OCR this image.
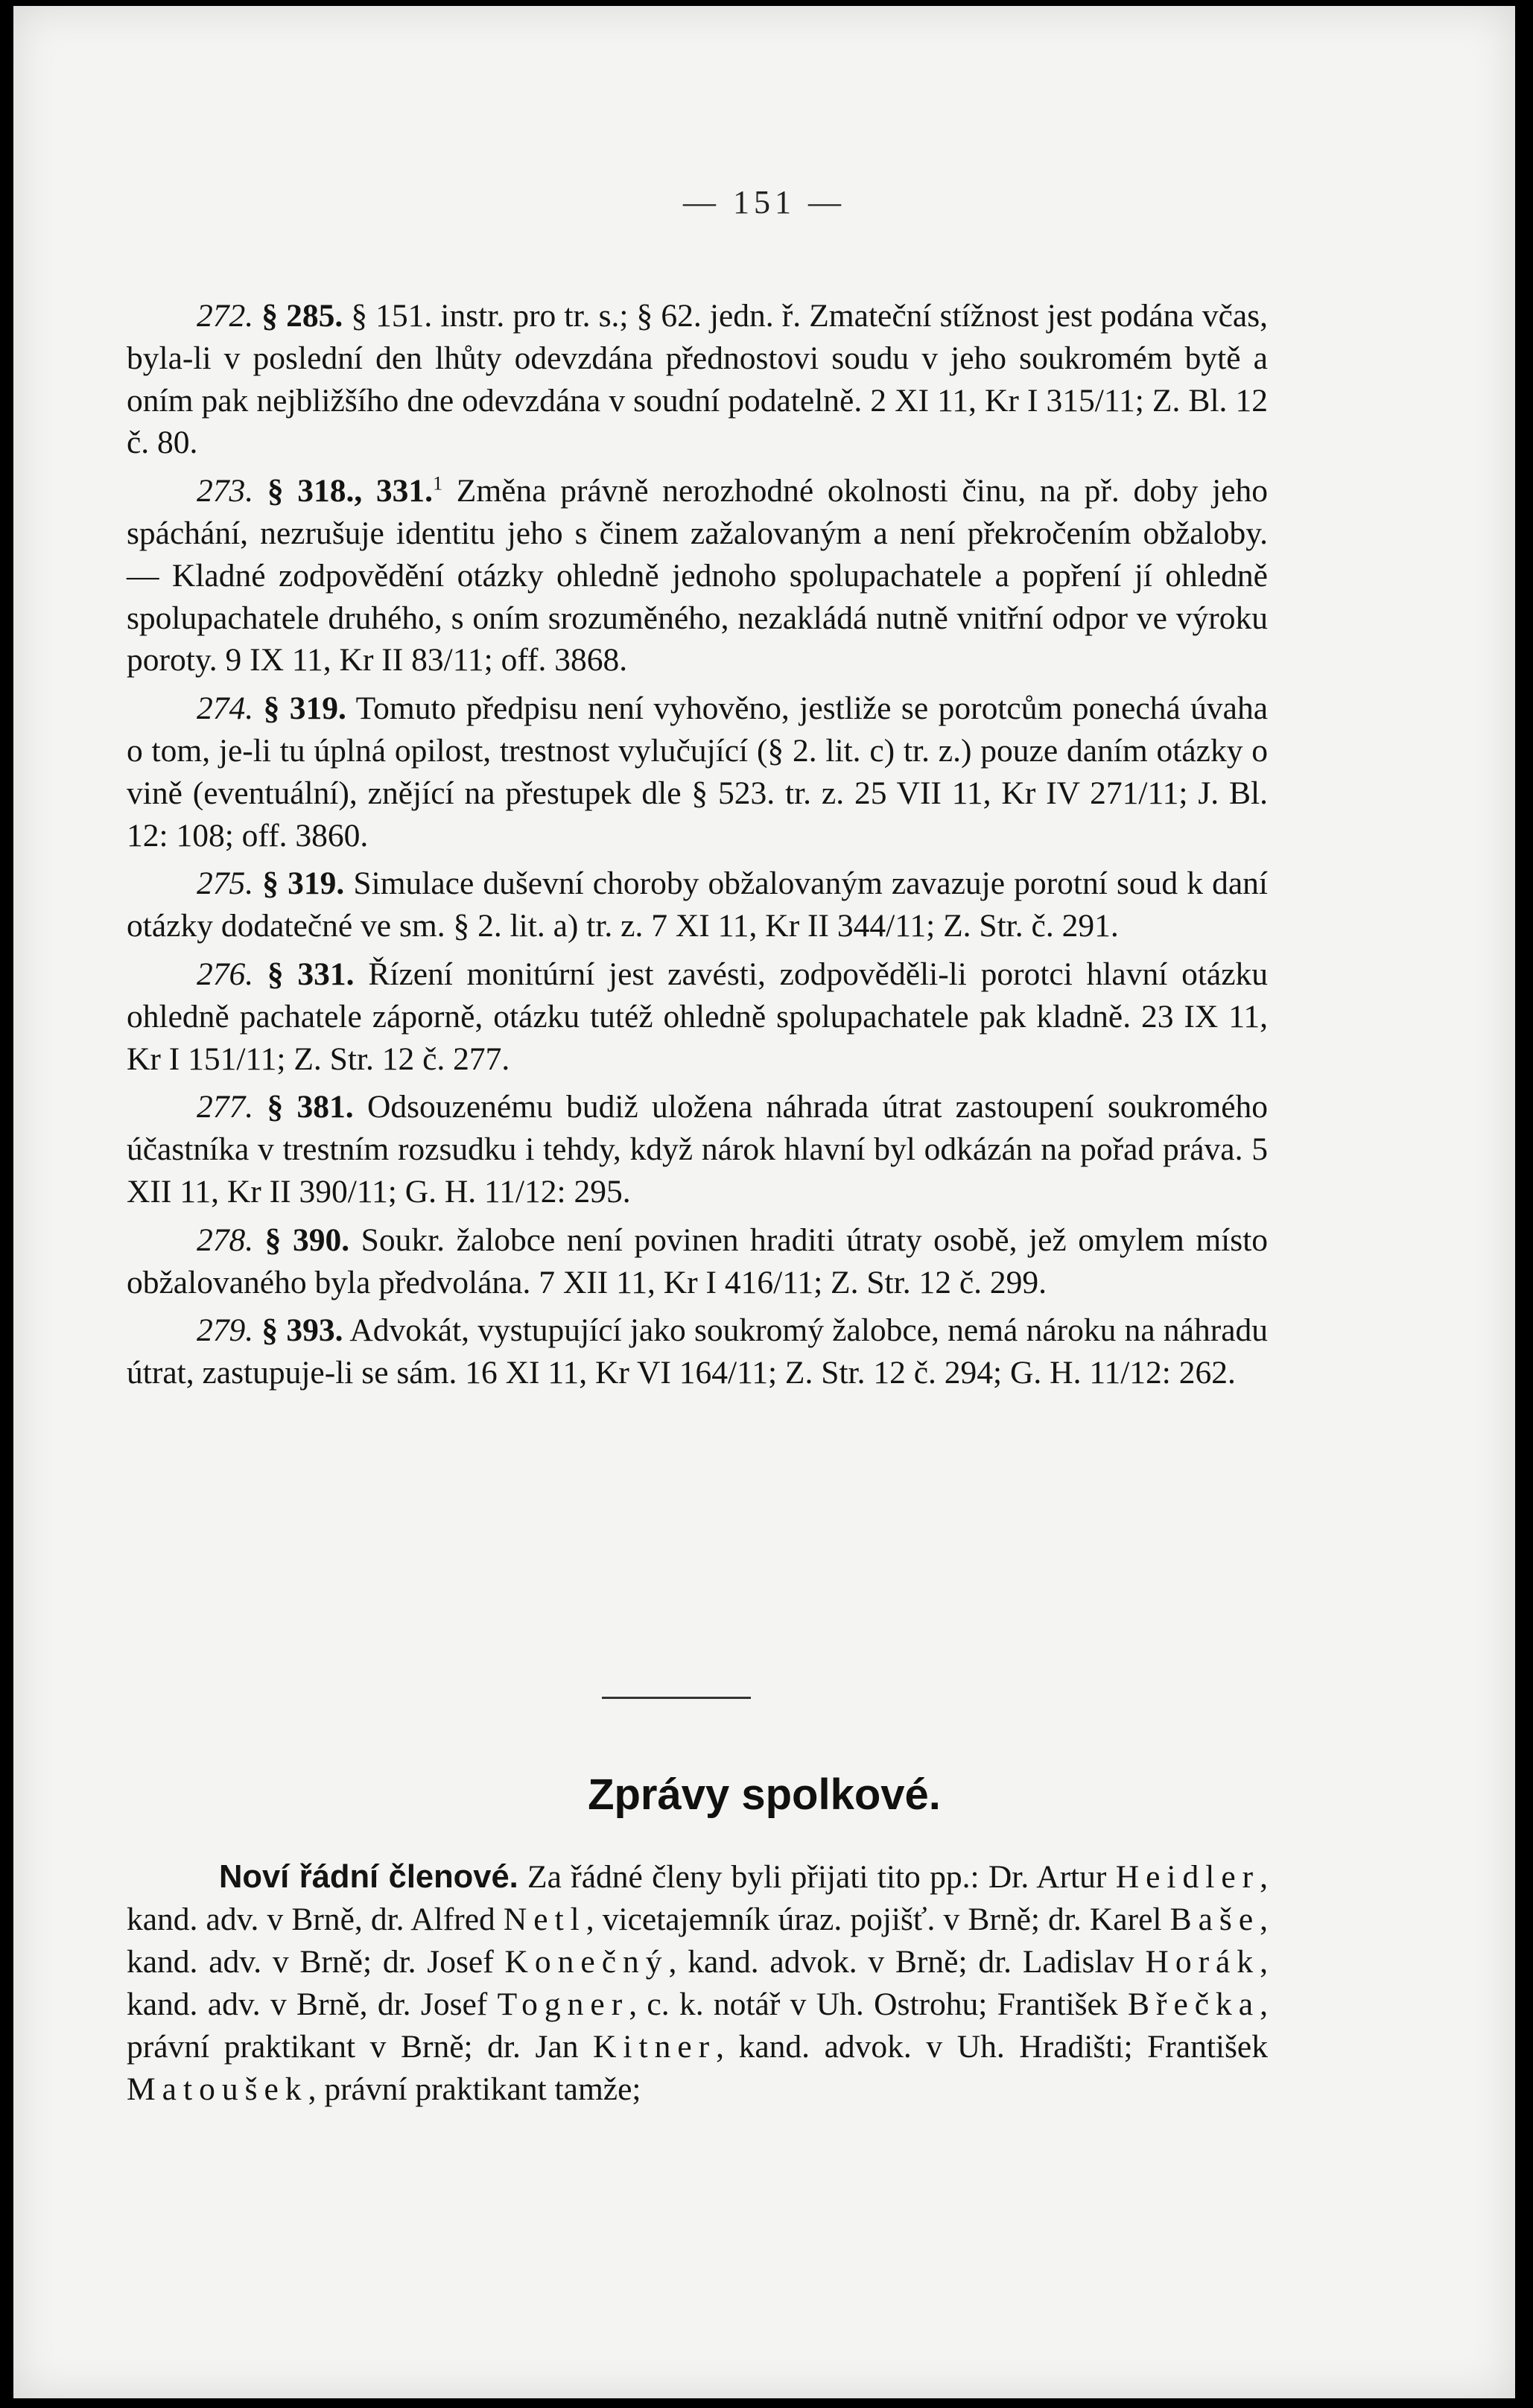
— 151 —

272. § 285. § 151. instr. pro tr. s.; § 62. jedn. ř. Zmateční stížnost jest podána včas, byla-li v poslední den lhůty odevzdána přednostovi soudu v jeho soukromém bytě a oním pak nejbližšího dne odevzdána v soudní podatelně. 2 XI 11, Kr I 315/11; Z. Bl. 12 č. 80.

273. § 318., 331.$^1$ Změna právně nerozhodné okolnosti činu, na př. doby jeho spáchání, nezrušuje identitu jeho s činem zažalovaným a není překročením obžaloby. — Kladné zodpovědění otázky ohledně jednoho spolupachatele a popření jí ohledně spolupachatele druhého, s oním srozuměného, nezakládá nutně vnitřní odpor ve výroku poroty. 9 IX 11, Kr II 83/11; off. 3868.

274. § 319. Tomuto předpisu není vyhověno, jestliže se porotcům ponechá úvaha o tom, je-li tu úplná opilost, trestnost vylučující (§ 2. lit. c) tr. z.) pouze daním otázky o vině (eventuální), znějící na přestupek dle § 523. tr. z. 25 VII 11, Kr IV 271/11; J. Bl. 12: 108; off. 3860.

275. § 319. Simulace duševní choroby obžalovaným zavazuje porotní soud k daní otázky dodatečné ve sm. § 2. lit. a) tr. z. 7 XI 11, Kr II 344/11; Z. Str. č. 291.

276. § 331. Řízení monitúrní jest zavésti, zodpověděli-li porotci hlavní otázku ohledně pachatele záporně, otázku tutéž ohledně spolupachatele pak kladně. 23 IX 11, Kr I 151/11; Z. Str. 12 č. 277.

277. § 381. Odsouzenému budiž uložena náhrada útrat zastoupení soukromého účastníka v trestním rozsudku i tehdy, když nárok hlavní byl odkázán na pořad práva. 5 XII 11, Kr II 390/11; G. H. 11/12: 295.

278. § 390. Soukr. žalobce není povinen hraditi útraty osobě, jež omylem místo obžalovaného byla předvolána. 7 XII 11, Kr I 416/11; Z. Str. 12 č. 299.

279. § 393. Advokát, vystupující jako soukromý žalobce, nemá nároku na náhradu útrat, zastupuje-li se sám. 16 XI 11, Kr VI 164/11; Z. Str. 12 č. 294; G. H. 11/12: 262.

Zprávy spolkové.

Noví řádní členové. Za řádné členy byli přijati tito pp.: Dr. Artur Heidler, kand. adv. v Brně, dr. Alfred Netl, vicetajemník úraz. pojišť. v Brně; dr. Karel Baše, kand. adv. v Brně; dr. Josef Konečný, kand. advok. v Brně; dr. Ladislav Horák, kand. adv. v Brně, dr. Josef Togner, c. k. notář v Uh. Ostrohu; František Břečka, právní praktikant v Brně; dr. Jan Kitner, kand. advok. v Uh. Hradišti; František Matoušek, právní praktikant tamže;
